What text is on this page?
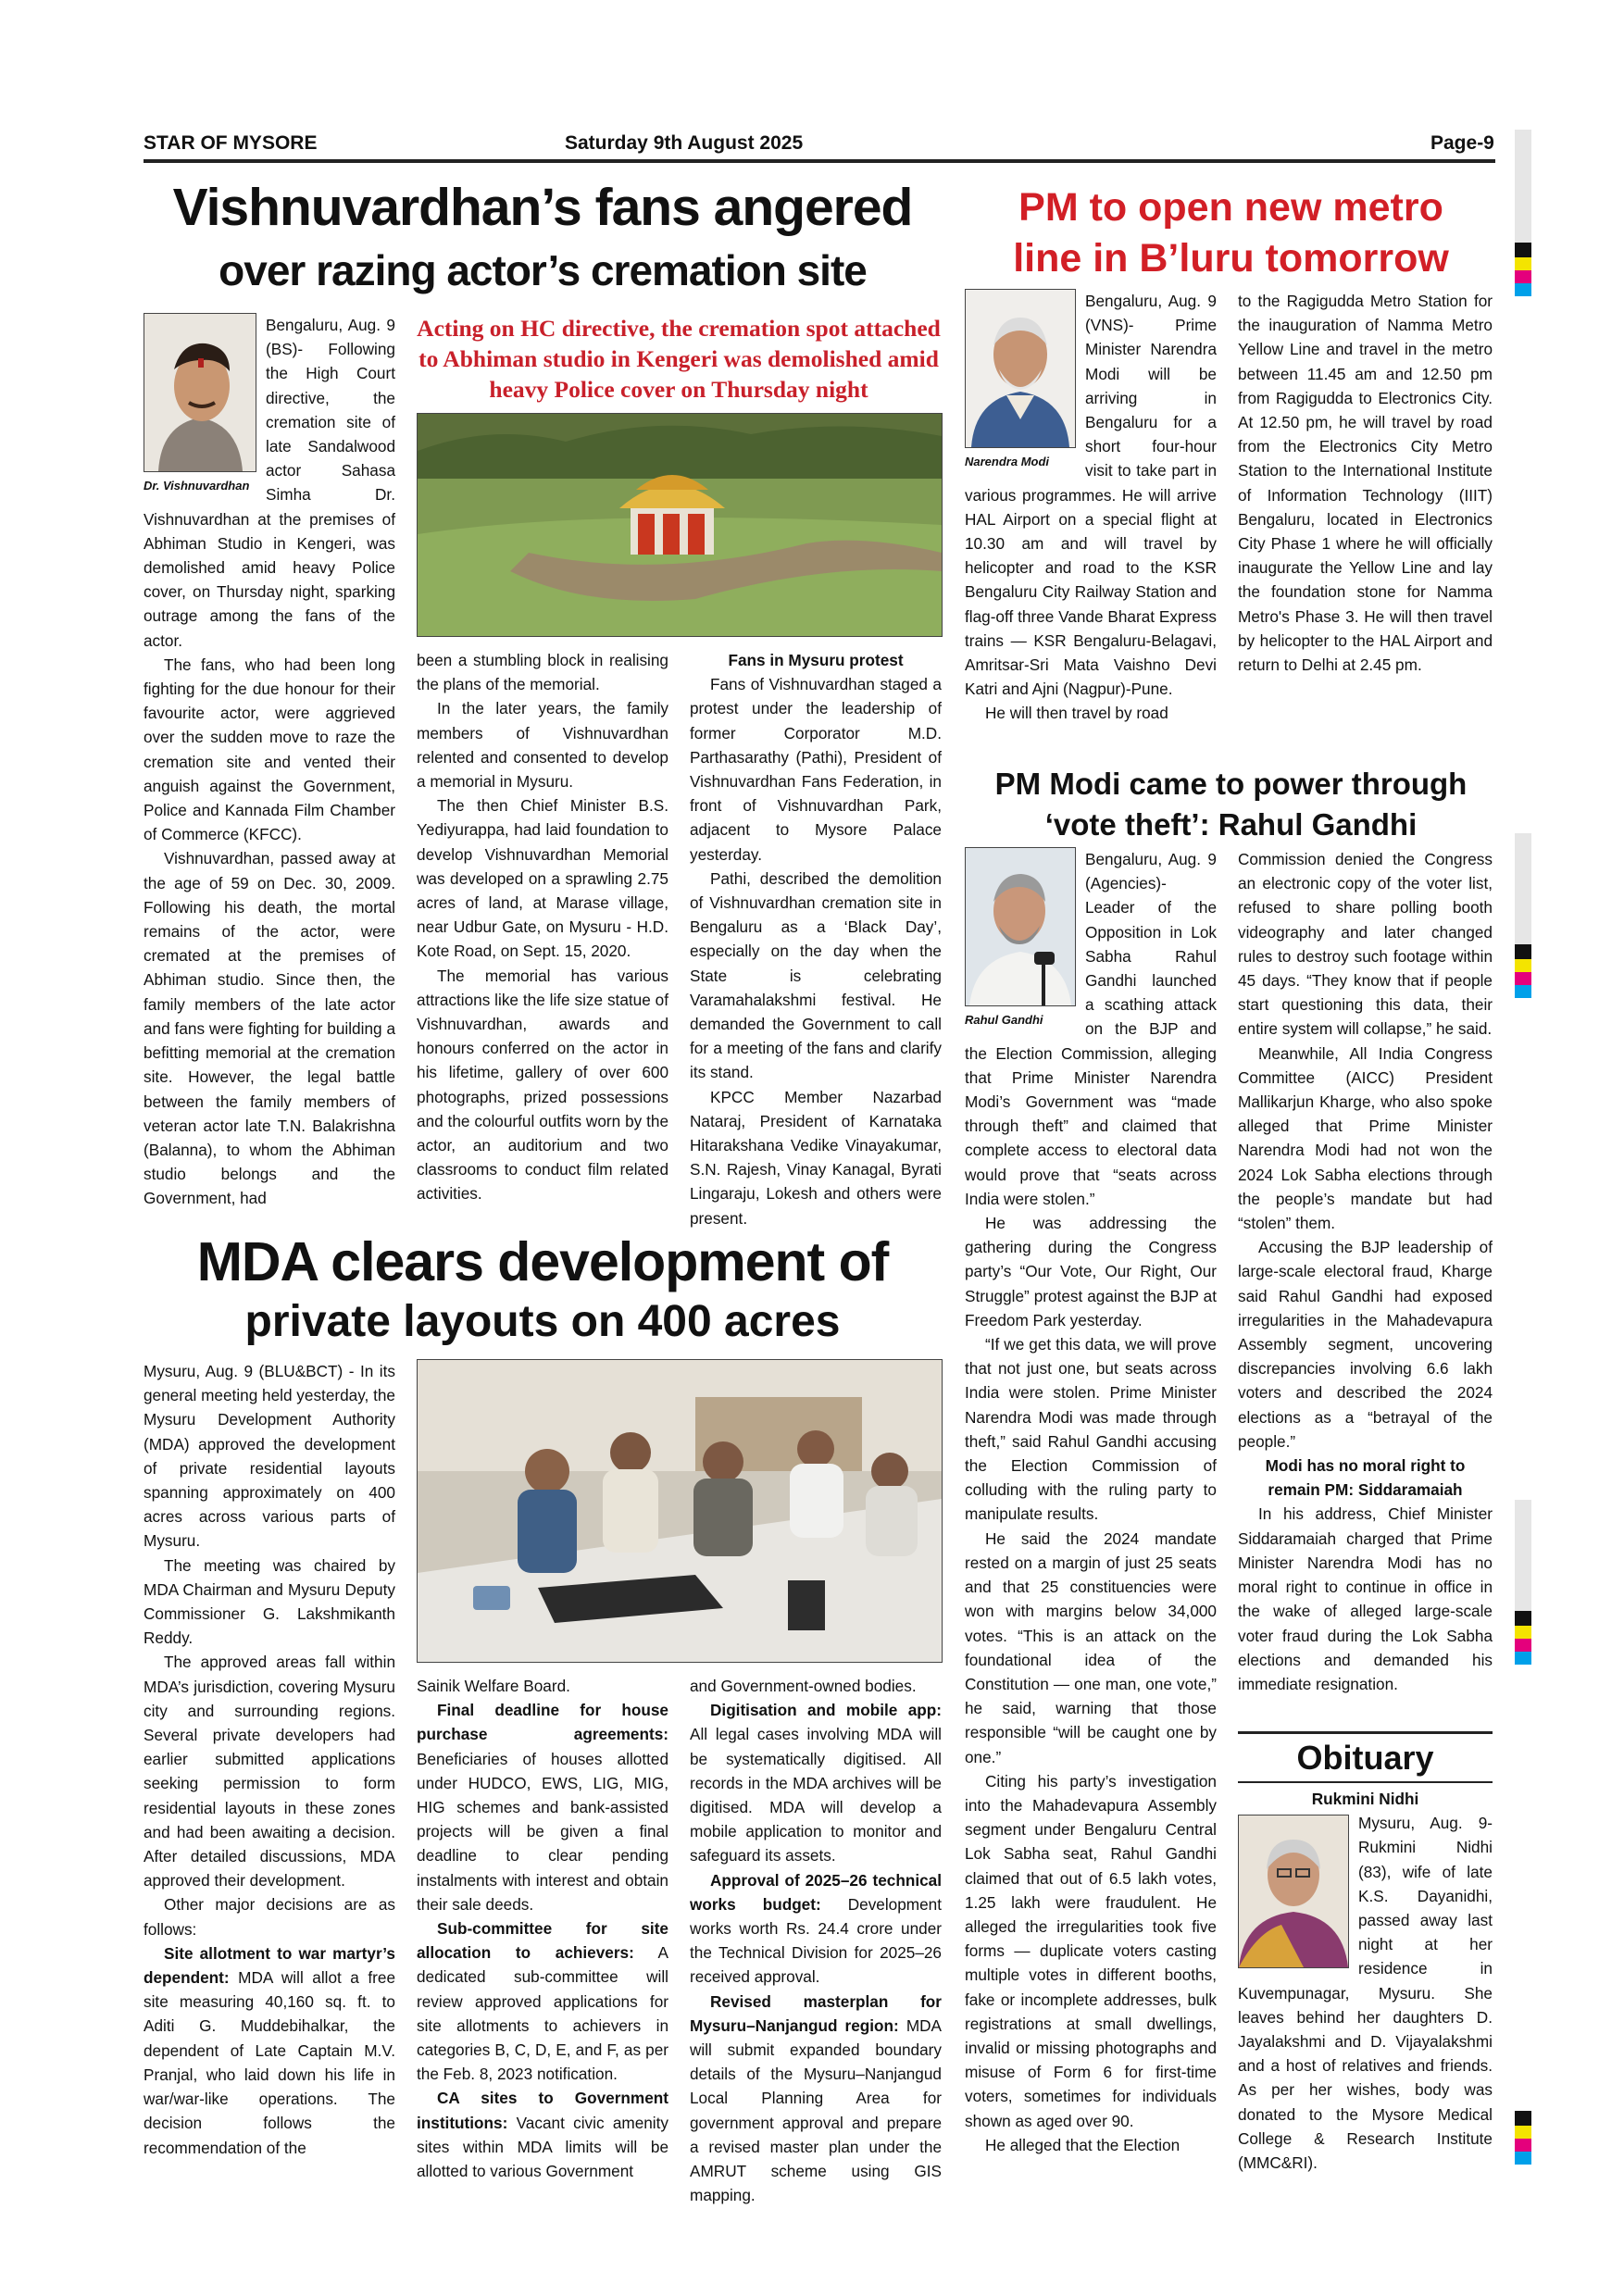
STAR OF MYSORE	Saturday 9th August 2025	Page-9
Vishnuvardhan’s fans angered
over razing actor’s cremation site
Dr. Vishnuvardhan

Bengaluru, Aug. 9 (BS)- Following the High Court directive, the cremation site of late Sandalwood actor Sahasa Simha Dr. Vishnuvardhan at the premises of Abhiman Studio in Kengeri, was demolished amid heavy Police cover, on Thursday night, sparking outrage among the fans of the actor.

The fans, who had been long fighting for the due honour for their favourite actor, were aggrieved over the sudden move to raze the cremation site and vented their anguish against the Government, Police and Kannada Film Chamber of Commerce (KFCC).

Vishnuvardhan, passed away at the age of 59 on Dec. 30, 2009. Following his death, the mortal remains of the actor, were cremated at the premises of Abhiman studio. Since then, the family members of the late actor and fans were fighting for building a befitting memorial at the cremation site. However, the legal battle between the family members of veteran actor late T.N. Balakrishna (Balanna), to whom the Abhiman studio belongs and the Government, had

Acting on HC directive, the cremation spot attached to Abhiman studio in Kengeri was demolished amid heavy Police cover on Thursday night

been a stumbling block in realising the plans of the memorial.

In the later years, the family members of Vishnuvardhan relented and consented to develop a memorial in Mysuru.

The then Chief Minister B.S. Yediyurappa, had laid foundation to develop Vishnuvardhan Memorial was developed on a sprawling 2.75 acres of land, at Marase village, near Udbur Gate, on Mysuru - H.D. Kote Road, on Sept. 15, 2020.

The memorial has various attractions like the life size statue of Vishnuvardhan, awards and honours conferred on the actor in his lifetime, gallery of over 600 photographs, prized possessions and the colourful outfits worn by the actor, an auditorium and two classrooms to conduct film related activities.

Fans in Mysuru protest

Fans of Vishnuvardhan staged a protest under the leadership of former Corporator M.D. Parthasarathy (Pathi), President of Vishnuvardhan Fans Federation, in front of Vishnuvardhan Park, adjacent to Mysore Palace yesterday.

Pathi, described the demolition of Vishnuvardhan cremation site in Bengaluru as a ‘Black Day’, especially on the day when the State is celebrating Varamahalakshmi festival. He demanded the Government to call for a meeting of the fans and clarify its stand.

KPCC Member Nazarbad Nataraj, President of Karnataka Hitarakshana Vedike Vinayakumar, S.N. Rajesh, Vinay Kanagal, Byrati Lingaraju, Lokesh and others were present.

PM to open new metro
line in B’luru tomorrow
Narendra Modi

Bengaluru, Aug. 9 (VNS)- Prime Minister Narendra Modi will be arriving in Bengaluru for a short four-hour visit to take part in various programmes. He will arrive HAL Airport on a special flight at 10.30 am and will travel by helicopter and road to the KSR Bengaluru City Railway Station and flag-off three Vande Bharat Express trains — KSR Bengaluru-Belagavi, Amritsar-Sri Mata Vaishno Devi Katri and Ajni (Nagpur)-Pune.

He will then travel by road

to the Ragigudda Metro Station for the inauguration of Namma Metro Yellow Line and travel in the metro between 11.45 am and 12.50 pm from Ragigudda to Electronics City. At 12.50 pm, he will travel by road from the Electronics City Metro Station to the International Institute of Information Technology (IIIT) Bengaluru, located in Electronics City Phase 1 where he will officially inaugurate the Yellow Line and lay the foundation stone for Namma Metro's Phase 3. He will then travel by helicopter to the HAL Airport and return to Delhi at 2.45 pm.

PM Modi came to power through
‘vote theft’: Rahul Gandhi
Rahul Gandhi

Bengaluru, Aug. 9 (Agencies)- Leader of the Opposition in Lok Sabha Rahul Gandhi launched a scathing attack on the BJP and the Election Commission, alleging that Prime Minister Narendra Modi’s Government was “made through theft” and claimed that complete access to electoral data would prove that “seats across India were stolen.”

He was addressing the gathering during the Congress party’s “Our Vote, Our Right, Our Struggle” protest against the BJP at Freedom Park yesterday.

“If we get this data, we will prove that not just one, but seats across India were stolen. Prime Minister Narendra Modi was made through theft,” said Rahul Gandhi accusing the Election Commission of colluding with the ruling party to manipulate results.

He said the 2024 mandate rested on a margin of just 25 seats and that 25 constituencies were won with margins below 34,000 votes. “This is an attack on the foundational idea of the Constitution — one man, one vote,” he said, warning that those responsible “will be caught one by one.”

Citing his party’s investigation into the Mahadevapura Assembly segment under Bengaluru Central Lok Sabha seat, Rahul Gandhi claimed that out of 6.5 lakh votes, 1.25 lakh were fraudulent. He alleged the irregularities took five forms — duplicate voters casting multiple votes in different booths, fake or incomplete addresses, bulk registrations at small dwellings, invalid or missing photographs and misuse of Form 6 for first-time voters, sometimes for individuals shown as aged over 90.

He alleged that the Election

Commission denied the Congress an electronic copy of the voter list, refused to share polling booth videography and later changed rules to destroy such footage within 45 days. “They know that if people start questioning this data, their entire system will collapse,” he said.

Meanwhile, All India Congress Committee (AICC) President Mallikarjun Kharge, who also spoke alleged that Prime Minister Narendra Modi had not won the 2024 Lok Sabha elections through the people’s mandate but had “stolen” them.

Accusing the BJP leadership of large-scale electoral fraud, Kharge said Rahul Gandhi had exposed irregularities in the Mahadevapura Assembly segment, uncovering discrepancies involving 6.6 lakh voters and described the 2024 elections as a “betrayal of the people.”

Modi has no moral right to

remain PM: Siddaramaiah

In his address, Chief Minister Siddaramaiah charged that Prime Minister Narendra Modi has no moral right to continue in office in the wake of alleged large-scale voter fraud during the Lok Sabha elections and demanded his immediate resignation.

Obituary

Rukmini Nidhi

Mysuru, Aug. 9- Rukmini Nidhi (83), wife of late K.S. Dayanidhi, passed away last night at her residence in Kuvempunagar, Mysuru. She leaves behind her daughters D. Jayalakshmi and D. Vijayalakshmi and a host of relatives and friends. As per her wishes, body was donated to the Mysore Medical College & Research Institute (MMC&RI).

MDA clears development of
private layouts on 400 acres

Mysuru, Aug. 9 (BLU&BCT) - In its general meeting held yesterday, the Mysuru Development Authority (MDA) approved the development of private residential layouts spanning approximately on 400 acres across various parts of Mysuru.

The meeting was chaired by MDA Chairman and Mysuru Deputy Commissioner G. Lakshmikanth Reddy.

The approved areas fall within MDA’s jurisdiction, covering Mysuru city and surrounding regions. Several private developers had earlier submitted applications seeking permission to form residential layouts in these zones and had been awaiting a decision. After detailed discussions, MDA approved their development.

Other major decisions are as follows:

Site allotment to war martyr’s dependent: MDA will allot a free site measuring 40,160 sq. ft. to Aditi G. Muddebihalkar, the dependent of Late Captain M.V. Pranjal, who laid down his life in war/war-like operations. The decision follows the recommendation of the

Sainik Welfare Board.

Final deadline for house purchase agreements: Beneficiaries of houses allotted under HUDCO, EWS, LIG, MIG, HIG schemes and bank-assisted projects will be given a final deadline to clear pending instalments with interest and obtain their sale deeds.

Sub-committee for site allocation to achievers: A dedicated sub-committee will review approved applications for site allotments to achievers in categories B, C, D, E, and F, as per the Feb. 8, 2023 notification.

CA sites to Government institutions: Vacant civic amenity sites within MDA limits will be allotted to various Government

and Government-owned bodies.

Digitisation and mobile app: All legal cases involving MDA will be systematically digitised. All records in the MDA archives will be digitised. MDA will develop a mobile application to monitor and safeguard its assets.

Approval of 2025–26 technical works budget: Development works worth Rs. 24.4 crore under the Technical Division for 2025–26 received approval.

Revised masterplan for Mysuru–Nanjangud region: MDA will submit expanded boundary details of the Mysuru–Nanjangud Local Planning Area for government approval and prepare a revised master plan under the AMRUT scheme using GIS mapping.
